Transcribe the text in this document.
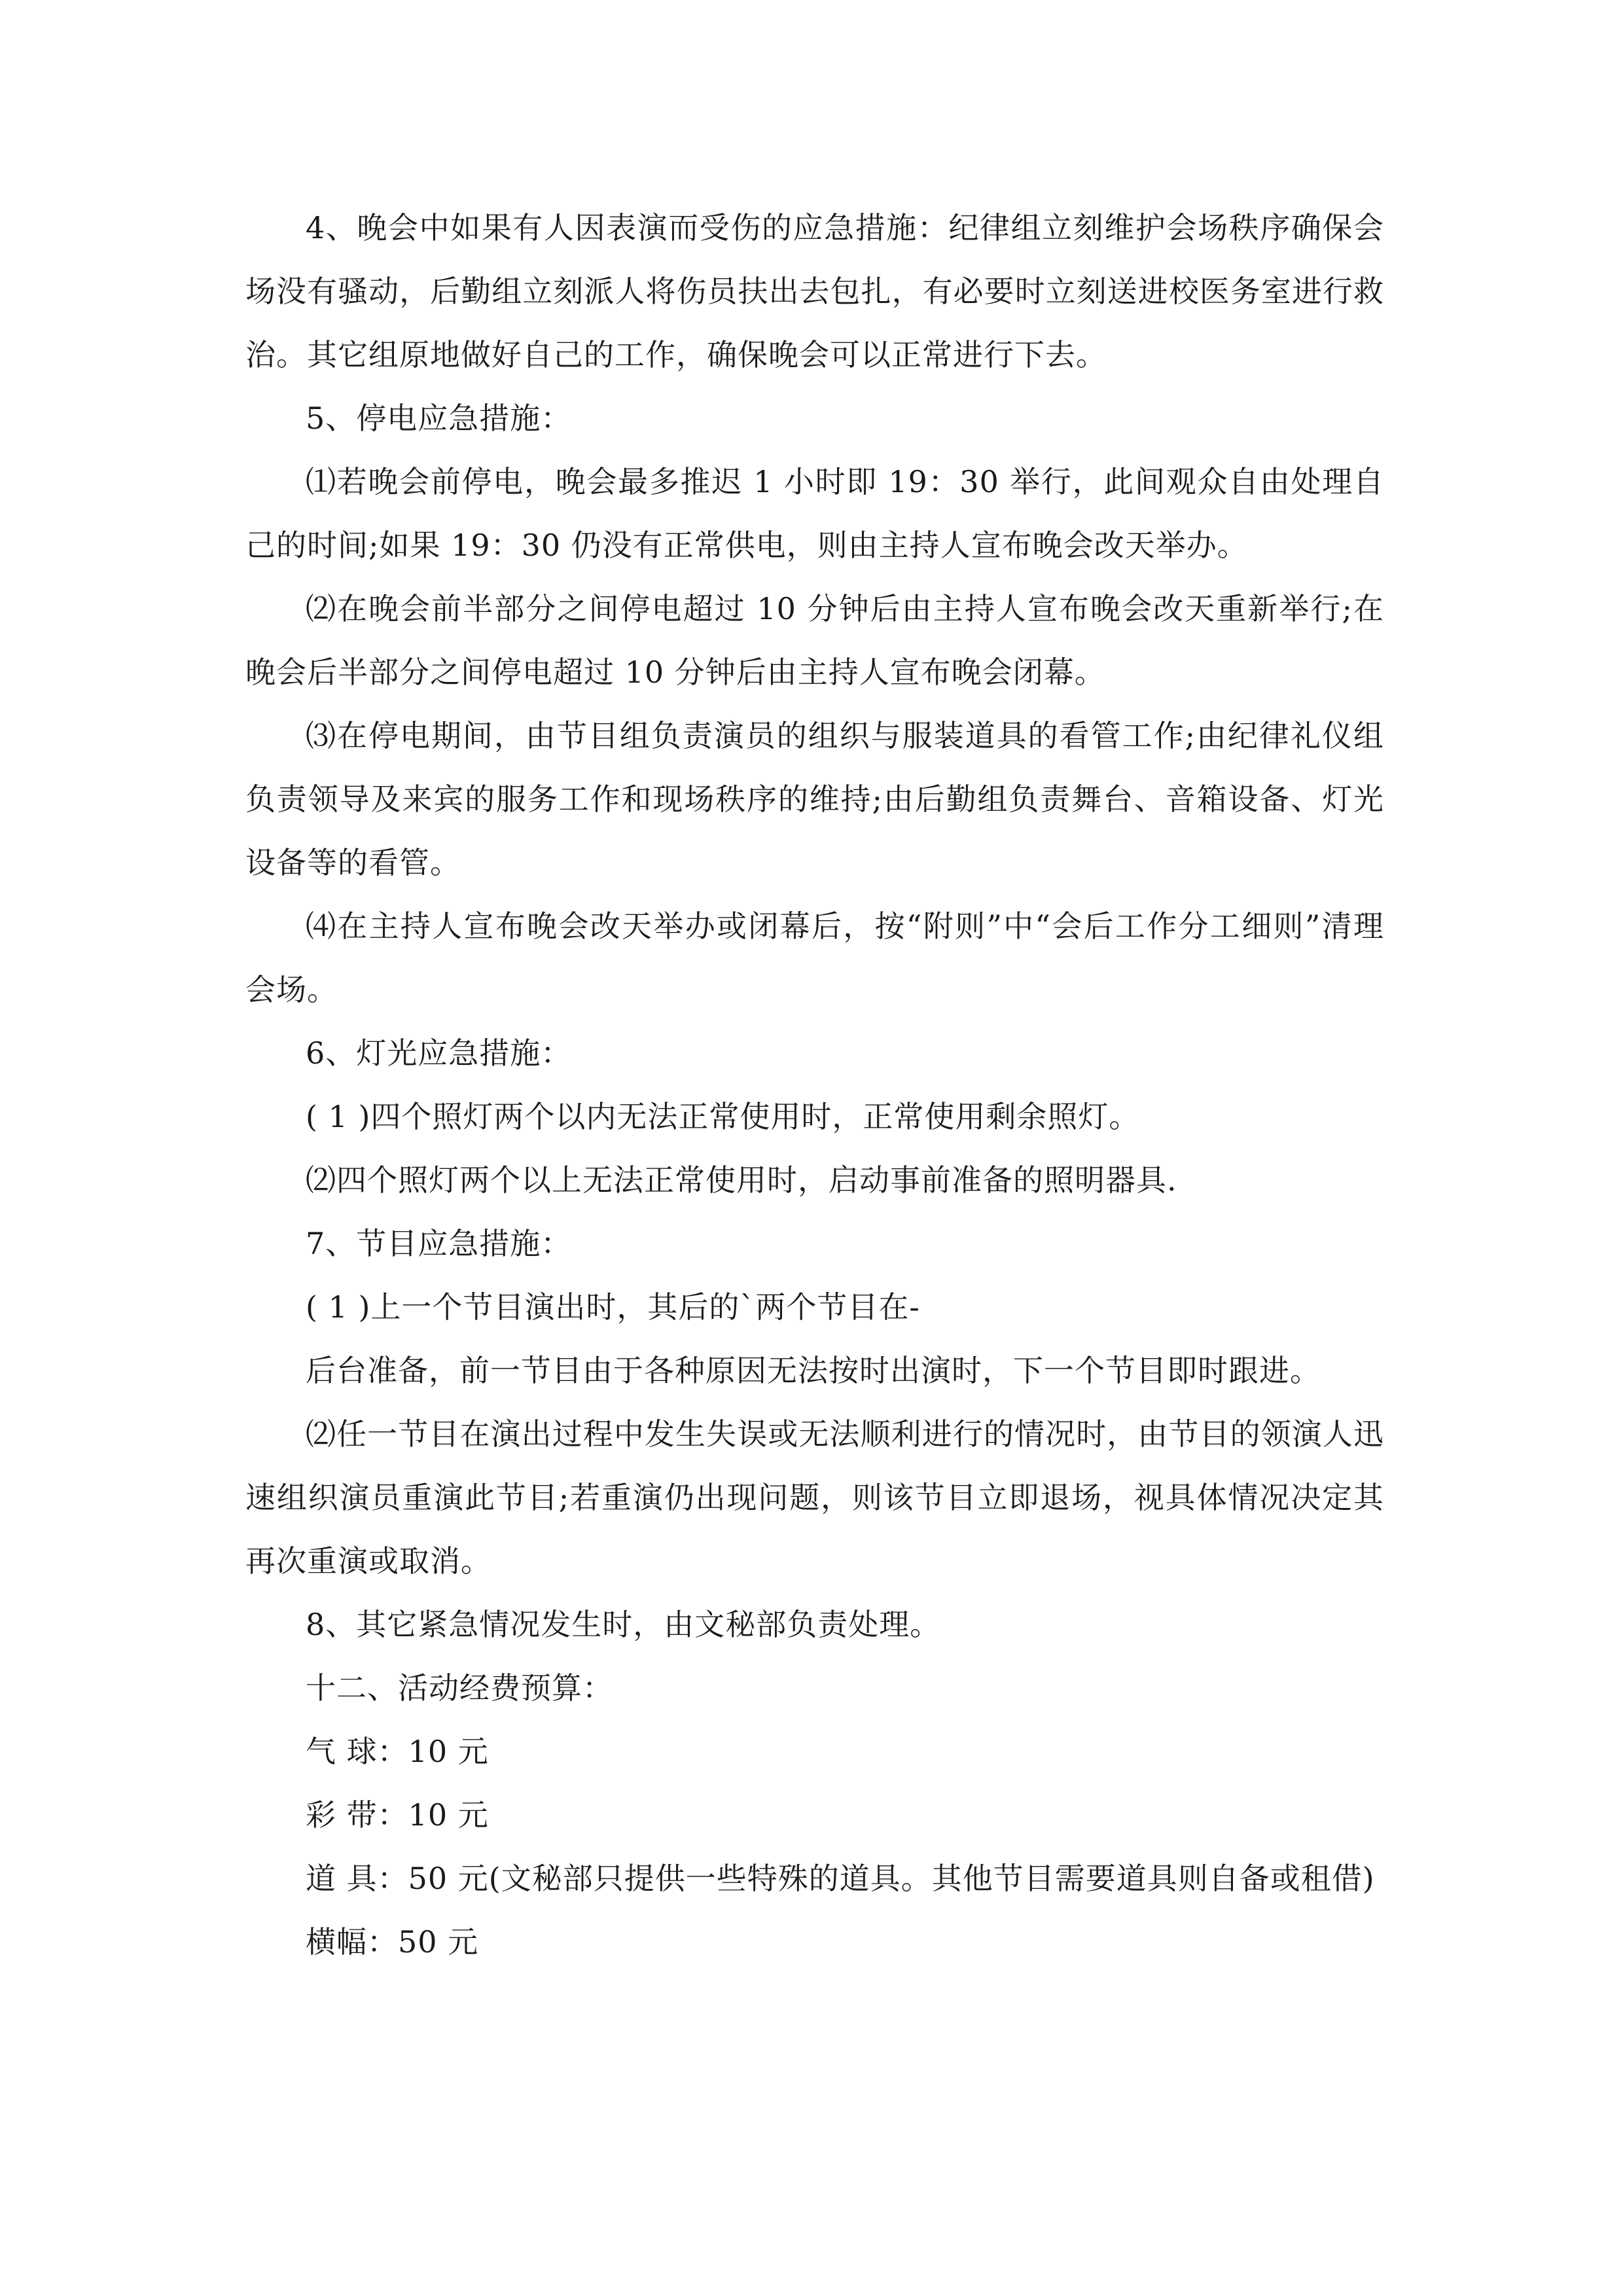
4、晚会中如果有人因表演而受伤的应急措施：纪律组立刻维护会场秩序确保会场没有骚动，后勤组立刻派人将伤员扶出去包扎，有必要时立刻送进校医务室进行救治。其它组原地做好自己的工作，确保晚会可以正常进行下去。

5、停电应急措施：

⑴若晚会前停电，晚会最多推迟 1 小时即 19：30 举行，此间观众自由处理自己的时间;如果 19：30 仍没有正常供电，则由主持人宣布晚会改天举办。

⑵在晚会前半部分之间停电超过 10 分钟后由主持人宣布晚会改天重新举行;在晚会后半部分之间停电超过 10 分钟后由主持人宣布晚会闭幕。

⑶在停电期间，由节目组负责演员的组织与服装道具的看管工作;由纪律礼仪组负责领导及来宾的服务工作和现场秩序的维持;由后勤组负责舞台、音箱设备、灯光设备等的看管。

⑷在主持人宣布晚会改天举办或闭幕后，按“附则”中“会后工作分工细则”清理会场。

6、灯光应急措施：

( 1 )四个照灯两个以内无法正常使用时，正常使用剩余照灯。

⑵四个照灯两个以上无法正常使用时，启动事前准备的照明器具.

7、节目应急措施：

( 1 )上一个节目演出时，其后的`两个节目在-

后台准备，前一节目由于各种原因无法按时出演时，下一个节目即时跟进。

⑵任一节目在演出过程中发生失误或无法顺利进行的情况时，由节目的领演人迅速组织演员重演此节目;若重演仍出现问题，则该节目立即退场，视具体情况决定其再次重演或取消。

8、其它紧急情况发生时，由文秘部负责处理。

十二、活动经费预算：

气 球：10 元

彩 带：10 元

道 具：50 元(文秘部只提供一些特殊的道具。其他节目需要道具则自备或租借)

横幅：50 元
